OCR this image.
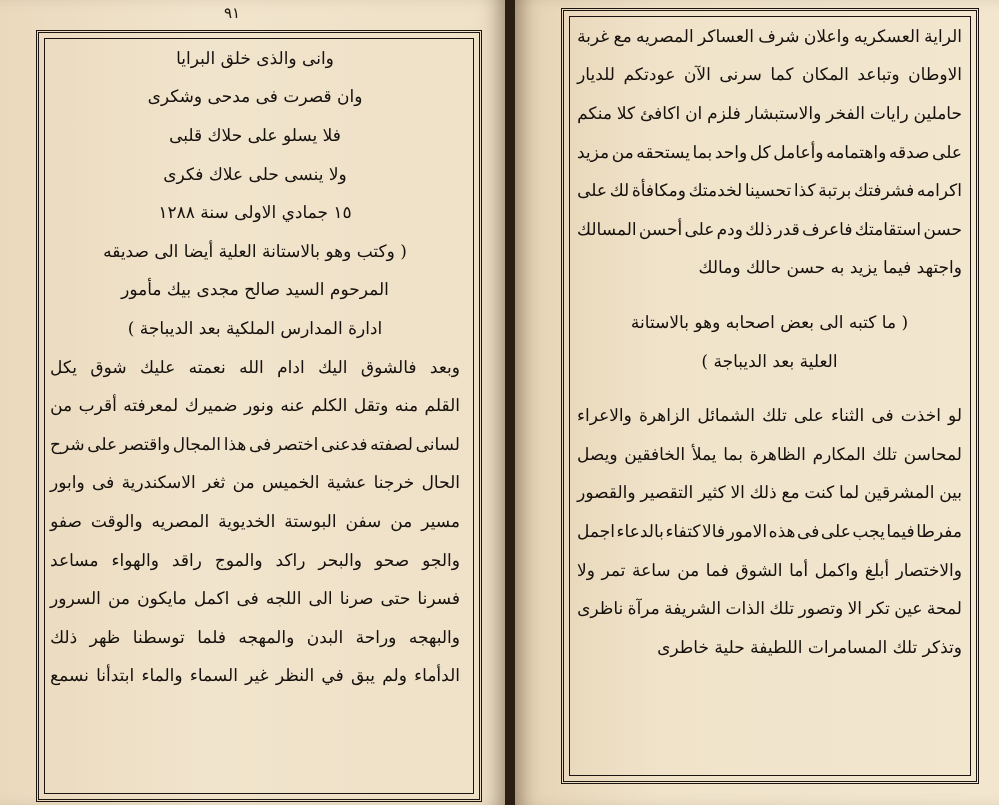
٩١
وانى والذى خلق البرايا
وان قصرت فى مدحى وشكرى
فلا يسلو على حلاك قلبى
ولا ينسى حلى علاك فكرى
١٥ جمادي الاولى سنة ١٢٨٨
( وكتب وهو بالاستانة العلية أيضا الى صديقه
المرحوم السيد صالح مجدى بيك مأمور
ادارة المدارس الملكية بعد الديباجة )
وبعد
فالشوق
اليك
ادام
الله
نعمته
عليك
شوق
يكل
القلم
منه
وتقل
الكلم
عنه
ونور
ضميرك
لمعرفته
أقرب
من
لسانى
لصفته
فدعنى
اختصر
فى
هذا
المجال
واقتصر
على
شرح
الحال
خرجنا
عشية
الخميس
من
ثغر
الاسكندرية
فى
وابور
مسير
من
سفن
البوستة
الخديوية
المصريه
والوقت
صفو
والجو
صحو
والبحر
راكد
والموج
راقد
والهواء
مساعد
فسرنا
حتى
صرنا
الى
اللجه
فى
اكمل
مايكون
من
السرور
والبهجه
وراحة
البدن
والمهجه
فلما
توسطنا
ظهر
ذلك
الدأماء
ولم
يبق
في
النظر
غير
السماء
والماء
ابتدأنا
نسمع
الراية
العسكريه
واعلان
شرف
العساكر
المصريه
مع
غربة
الاوطان
وتباعد
المكان
كما
سرنى
الآن
عودتكم
للديار
حاملين
رايات
الفخر
والاستبشار
فلزم
ان
اكافئ
كلا
منكم
على
صدقه
واهتمامه
وأعامل
كل
واحد
بما
يستحقه
من
مزيد
اكرامه
فشرفتك
برتبة
كذا
تحسينا
لخدمتك
ومكافأة
لك
على
حسن
استقامتك
فاعرف
قدر
ذلك
ودم
على
أحسن
المسالك
واجتهد فيما يزيد به حسن حالك ومالك
( ما كتبه الى بعض اصحابه وهو بالاستانة
العلية بعد الديباجة )
لو
اخذت
فى
الثناء
على
تلك
الشمائل
الزاهرة
والاعراء
لمحاسن
تلك
المكارم
الظاهرة
بما
يملأ
الخافقين
ويصل
بين
المشرقين
لما
كنت
مع
ذلك
الا
كثير
التقصير
والقصور
مفرطا
فيما
يجب
على
فى
هذه
الامور
فالا
كتفاء
بالدعاء
اجمل
والاختصار
أبلغ
واكمل
أما
الشوق
فما
من
ساعة
تمر
ولا
لمحة
عين
تكر
الا
وتصور
تلك
الذات
الشريفة
مرآة
ناظرى
وتذكر تلك المسامرات اللطيفة حلية خاطرى
